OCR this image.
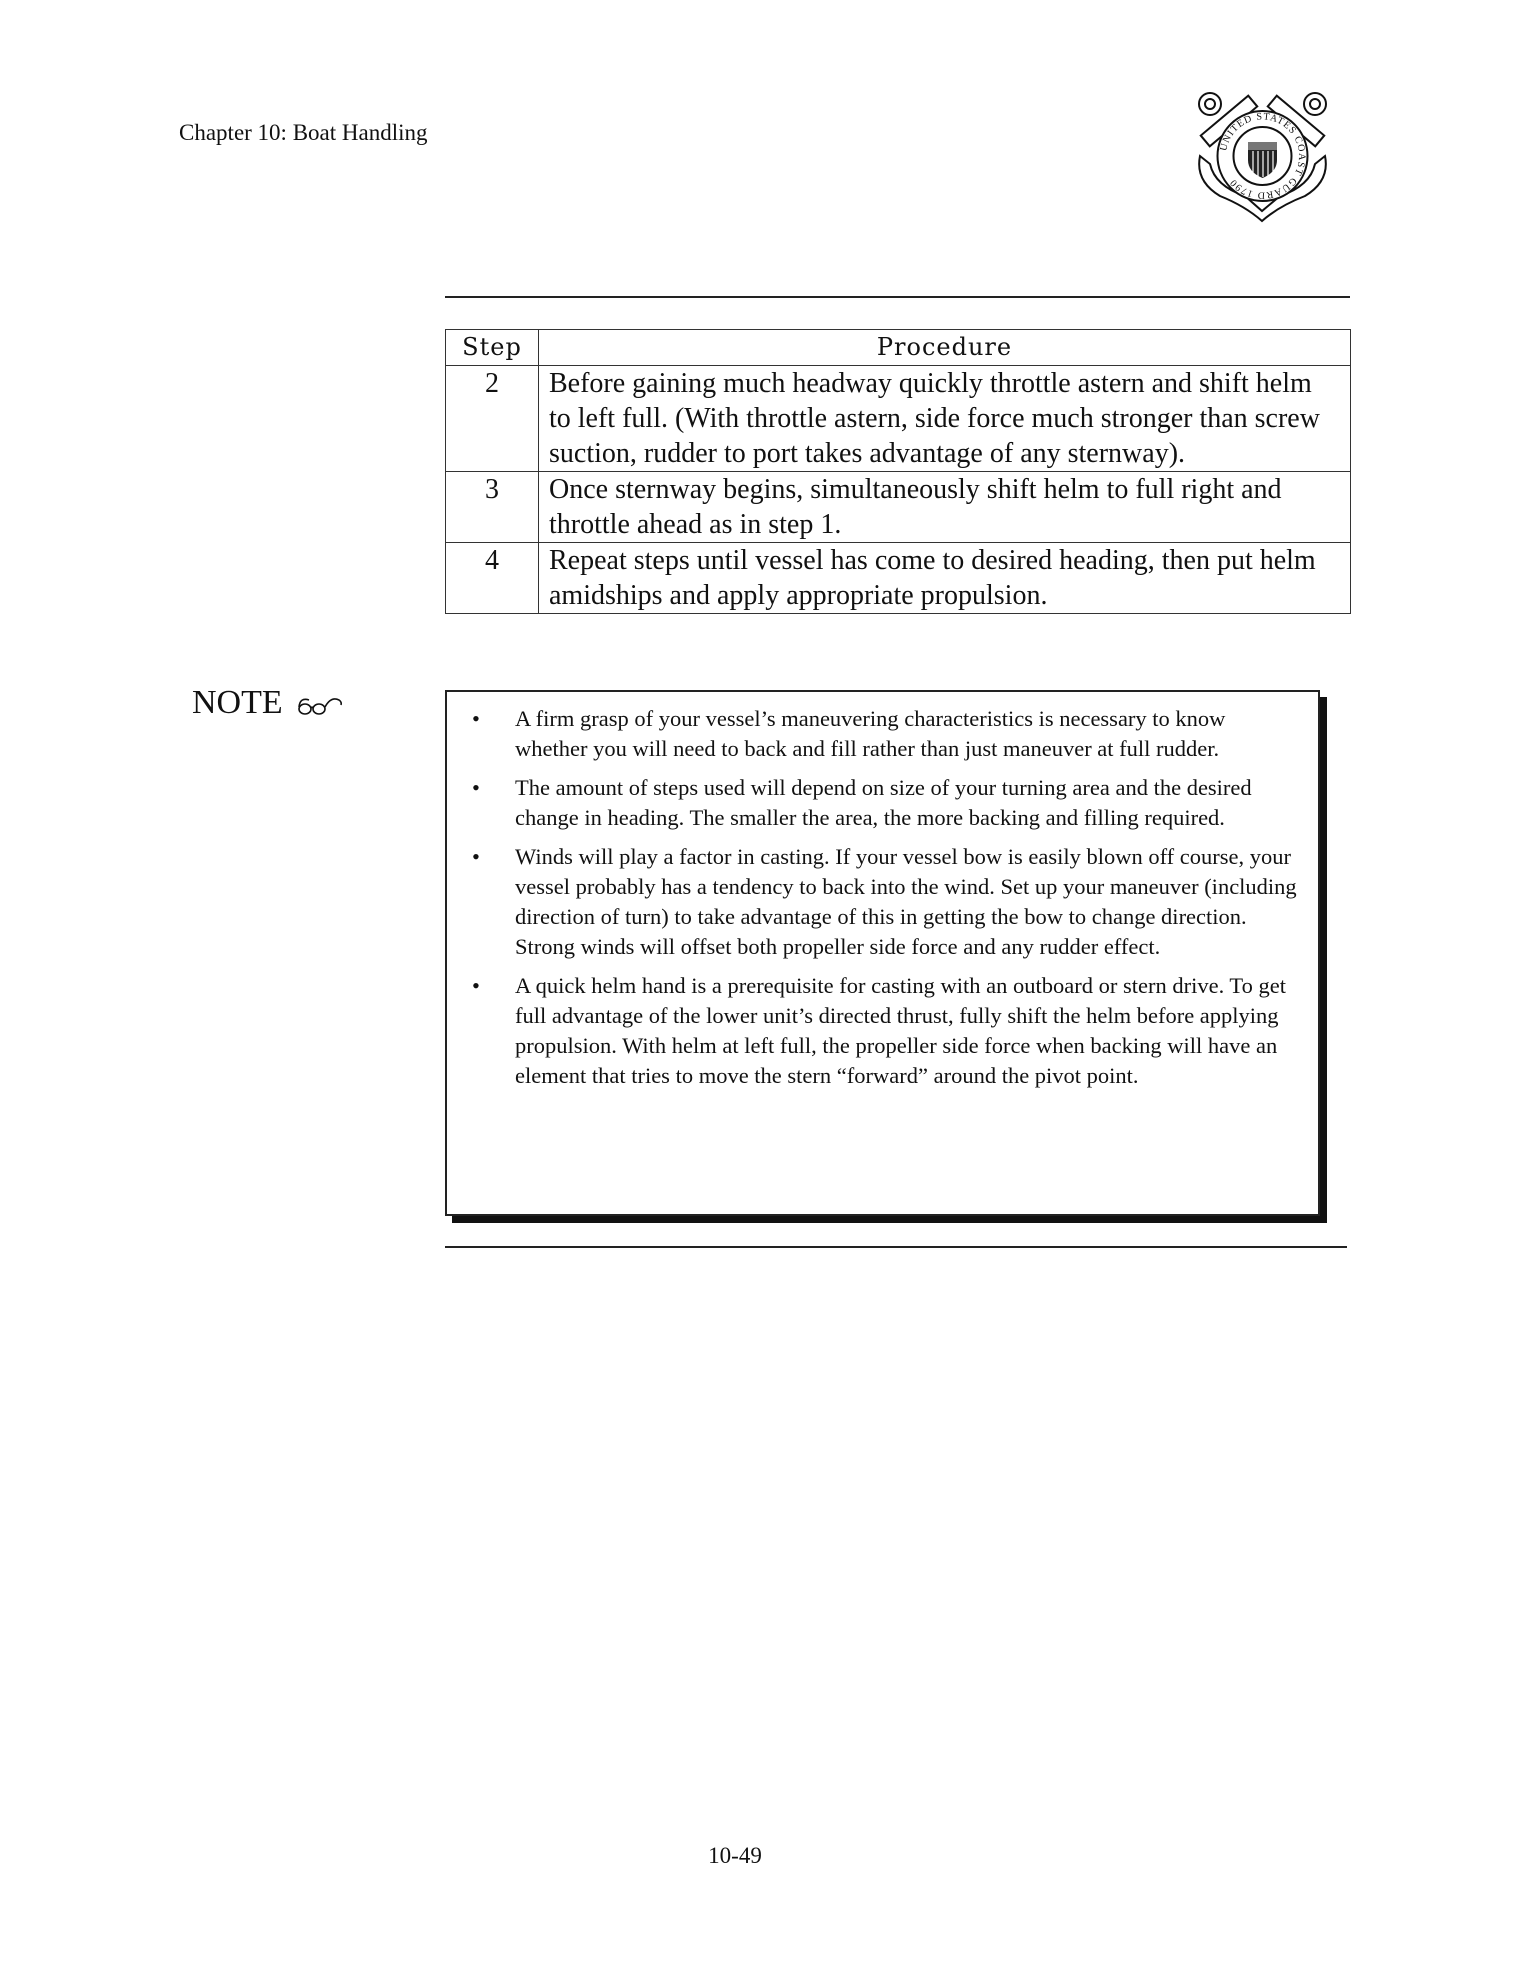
Chapter 10: Boat Handling
UNITED STATES COAST GUARD 1790
Step	Procedure
2	Before gaining much headway quickly throttle astern and shift helm to left full. (With throttle astern, side force much stronger than screw suction, rudder to port takes advantage of any sternway).
3	Once sternway begins, simultaneously shift helm to full right and throttle ahead as in step 1.
4	Repeat steps until vessel has come to desired heading, then put helm amidships and apply appropriate propulsion.
NOTE	• A firm grasp of your vessel’s maneuvering characteristics is necessary to know whether you will need to back and fill rather than just maneuver at full rudder.
• The amount of steps used will depend on size of your turning area and the desired change in heading. The smaller the area, the more backing and filling required.
• Winds will play a factor in casting. If your vessel bow is easily blown off course, your vessel probably has a tendency to back into the wind. Set up your maneuver (including direction of turn) to take advantage of this in getting the bow to change direction. Strong winds will offset both propeller side force and any rudder effect.
• A quick helm hand is a prerequisite for casting with an outboard or stern drive. To get full advantage of the lower unit’s directed thrust, fully shift the helm before applying propulsion. With helm at left full, the propeller side force when backing will have an element that tries to move the stern “forward” around the pivot point.
10-49
